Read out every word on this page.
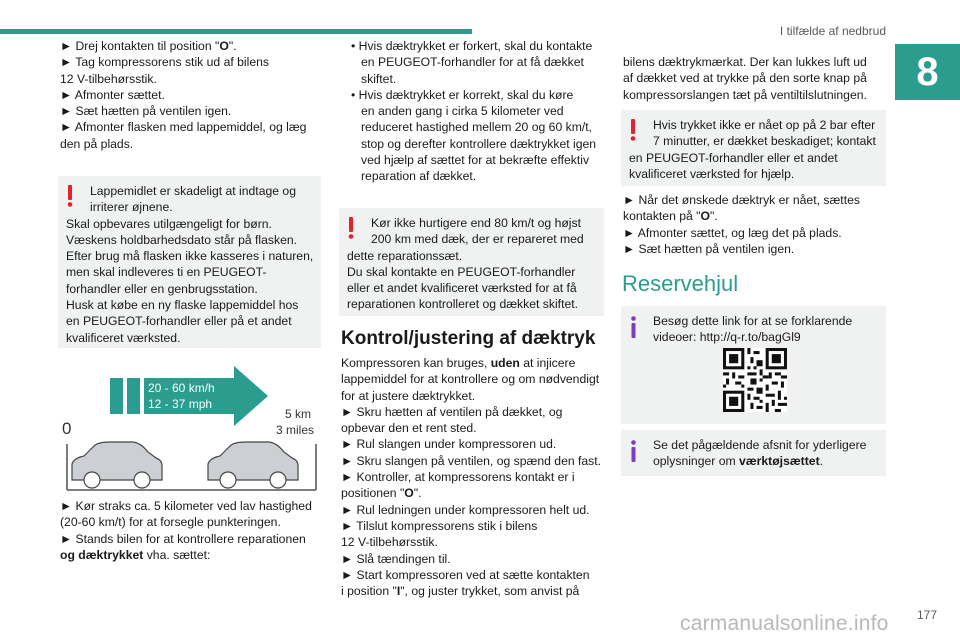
I tilfælde af nedbrud
8
177
carmanualsonline.info
► Drej kontakten til position "O".
► Tag kompressorens stik ud af bilens
12 V-tilbehørsstik.
► Afmonter sættet.
► Sæt hætten på ventilen igen.
► Afmonter flasken med lappemiddel, og læg
den på plads.
Lappemidlet er skadeligt at indtage og
irriterer øjnene.
Skal opbevares utilgængeligt for børn.
Væskens holdbarhedsdato står på flasken.
Efter brug må flasken ikke kasseres i naturen,
men skal indleveres ti en PEUGEOT-
forhandler eller en genbrugsstation.
Husk at købe en ny flaske lappemiddel hos
en PEUGEOT-forhandler eller på et andet
kvalificeret værksted.
20 - 60 km/h
12 - 37 mph
0
5 km
3 miles
► Kør straks ca. 5 kilometer ved lav hastighed
(20-60 km/t) for at forsegle punkteringen.
► Stands bilen for at kontrollere reparationen
og dæktrykket vha. sættet:
• Hvis dæktrykket er forkert, skal du kontakte
en PEUGEOT-forhandler for at få dækket
skiftet.
• Hvis dæktrykket er korrekt, skal du køre
en anden gang i cirka 5 kilometer ved
reduceret hastighed mellem 20 og 60 km/t,
stop og derefter kontrollere dæktrykket igen
ved hjælp af sættet for at bekræfte effektiv
reparation af dækket.
Kør ikke hurtigere end 80 km/t og højst
200 km med dæk, der er repareret med
dette reparationssæt.
Du skal kontakte en PEUGEOT-forhandler
eller et andet kvalificeret værksted for at få
reparationen kontrolleret og dækket skiftet.
Kontrol/justering af dæktryk
Kompressoren kan bruges, uden at injicere
lappemiddel for at kontrollere og om nødvendigt
for at justere dæktrykket.
► Skru hætten af ventilen på dækket, og
opbevar den et rent sted.
► Rul slangen under kompressoren ud.
► Skru slangen på ventilen, og spænd den fast.
► Kontroller, at kompressorens kontakt er i
positionen "O".
► Rul ledningen under kompressoren helt ud.
► Tilslut kompressorens stik i bilens
12 V-tilbehørsstik.
► Slå tændingen til.
► Start kompressoren ved at sætte kontakten
i position "I", og juster trykket, som anvist på
bilens dæktrykmærkat. Der kan lukkes luft ud
af dækket ved at trykke på den sorte knap på
kompressorslangen tæt på ventiltilslutningen.
Hvis trykket ikke er nået op på 2 bar efter
7 minutter, er dækket beskadiget; kontakt
en PEUGEOT-forhandler eller et andet
kvalificeret værksted for hjælp.
► Når det ønskede dæktryk er nået, sættes
kontakten på "O".
► Afmonter sættet, og læg det på plads.
► Sæt hætten på ventilen igen.
Reservehjul
Besøg dette link for at se forklarende
videoer: http://q-r.to/bagGl9
Se det pågældende afsnit for yderligere
oplysninger om værktøjsættet.
